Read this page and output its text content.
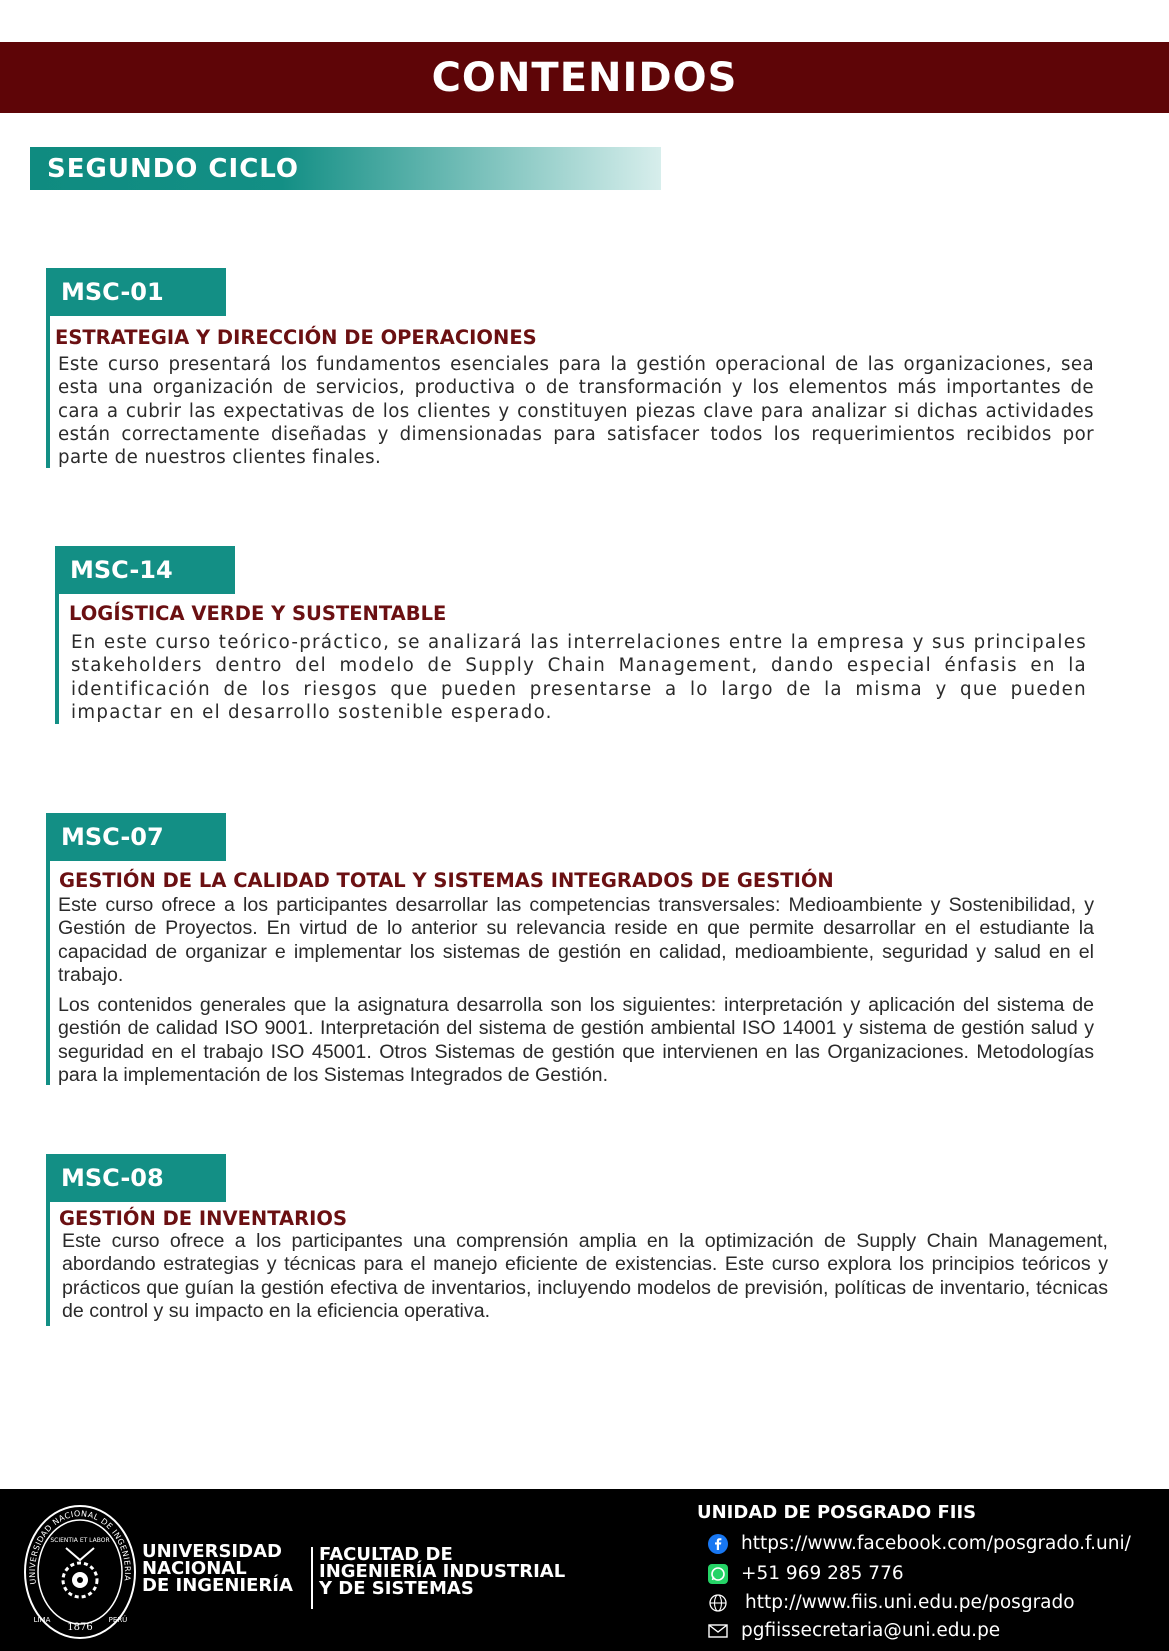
CONTENIDOS
SEGUNDO CICLO
MSC-01
ESTRATEGIA Y DIRECCIÓN DE OPERACIONES

Este curso presentará los fundamentos esenciales para la gestión operacional de las organizaciones, sea esta una organización de servicios, productiva o de transformación y los elementos más importantes de cara a cubrir las expectativas de los clientes y constituyen piezas clave para analizar si dichas actividades están correctamente diseñadas y dimensionadas para satisfacer todos los requerimientos recibidos por parte de nuestros clientes finales.

MSC-14
LOGÍSTICA VERDE Y SUSTENTABLE

En este curso teórico-práctico, se analizará las interrelaciones entre la empresa y sus principales stakeholders dentro del modelo de Supply Chain Management, dando especial énfasis en la identificación de los riesgos que pueden presentarse a lo largo de la misma y que pueden impactar en el desarrollo sostenible esperado.

MSC-07
GESTIÓN DE LA CALIDAD TOTAL Y SISTEMAS INTEGRADOS DE GESTIÓN

Este curso ofrece a los participantes desarrollar las competencias transversales: Medioambiente y Sostenibilidad, y Gestión de Proyectos. En virtud de lo anterior su relevancia reside en que permite desarrollar en el estudiante la capacidad de organizar e implementar los sistemas de gestión en calidad, medioambiente, seguridad y salud en el trabajo.

Los contenidos generales que la asignatura desarrolla son los siguientes: interpretación y aplicación del sistema de gestión de calidad ISO 9001. Interpretación del sistema de gestión ambiental ISO 14001 y sistema de gestión salud y seguridad en el trabajo ISO 45001. Otros Sistemas de gestión que intervienen en las Organizaciones. Metodologías para la implementación de los Sistemas Integrados de Gestión.

MSC-08
GESTIÓN DE INVENTARIOS

Este curso ofrece a los participantes una comprensión amplia en la optimización de Supply Chain Management, abordando estrategias y técnicas para el manejo eficiente de existencias. Este curso explora los principios teóricos y prácticos que guían la gestión efectiva de inventarios, incluyendo modelos de previsión, políticas de inventario, técnicas de control y su impacto en la eficiencia operativa.

UNIVERSIDAD NACIONAL DE INGENIERIA
SCIENTIA ET LABOR
1876
LIMA	PERÚ
UNIVERSIDAD
NACIONAL
DE INGENIERÍA
FACULTAD DE
INGENIERÍA INDUSTRIAL
Y DE SISTEMAS
UNIDAD DE POSGRADO FIIS
https://www.facebook.com/posgrado.f.uni/
+51 969 285 776
http://www.fiis.uni.edu.pe/posgrado
pgfiissecretaria@uni.edu.pe
